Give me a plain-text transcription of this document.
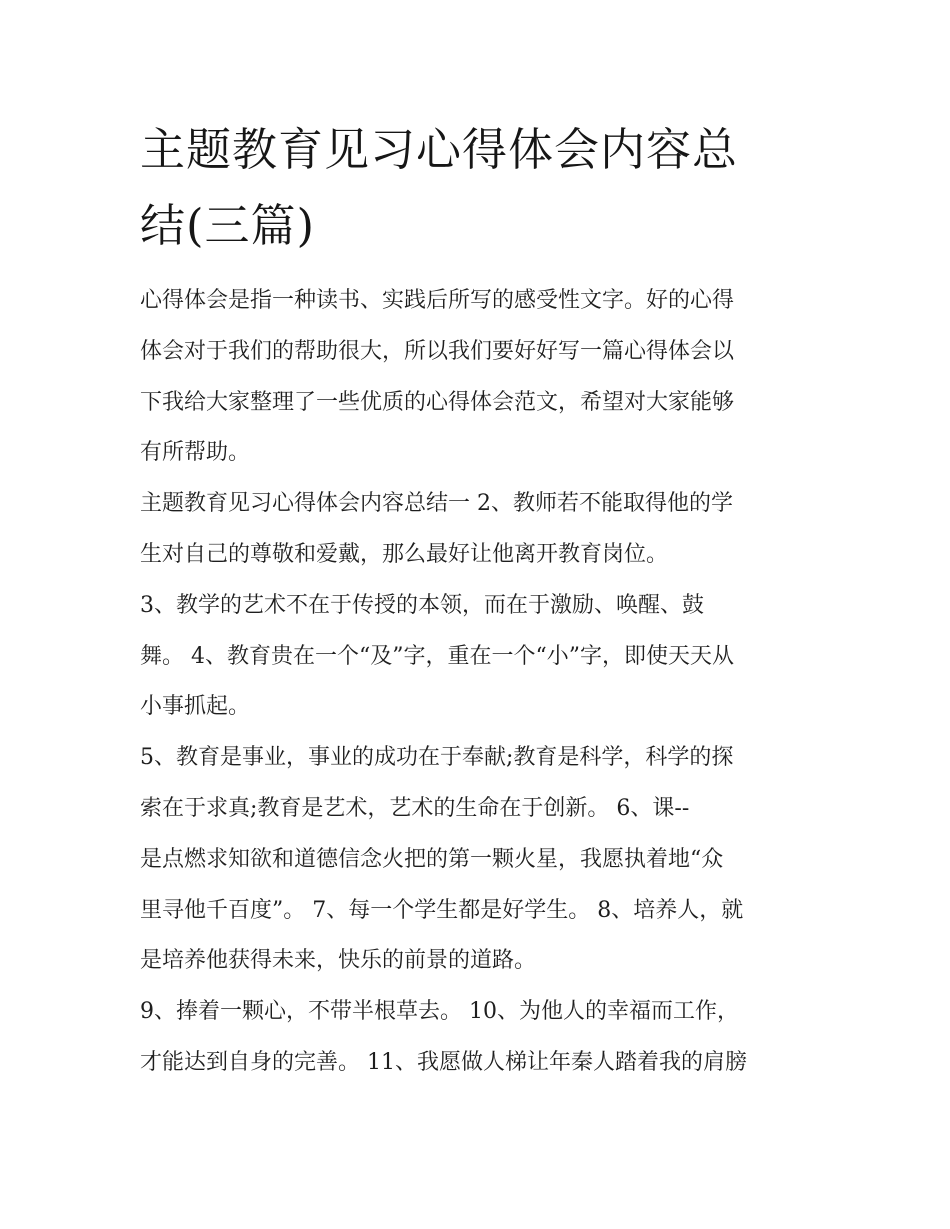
主题教育见习心得体会内容总
结(三篇)
心得体会是指一种读书、实践后所写的感受性文字。好的心得
体会对于我们的帮助很大，所以我们要好好写一篇心得体会以
下我给大家整理了一些优质的心得体会范文，希望对大家能够
有所帮助。
主题教育见习心得体会内容总结一 2、教师若不能取得他的学
生对自己的尊敬和爱戴，那么最好让他离开教育岗位。
3、教学的艺术不在于传授的本领，而在于激励、唤醒、鼓
舞。 4、教育贵在一个“及”字，重在一个“小”字，即使天天从
小事抓起。
5、教育是事业，事业的成功在于奉献;教育是科学，科学的探
索在于求真;教育是艺术，艺术的生命在于创新。 6、课--
是点燃求知欲和道德信念火把的第一颗火星，我愿执着地“众
里寻他千百度”。 7、每一个学生都是好学生。 8、培养人，就
是培养他获得未来，快乐的前景的道路。
9、捧着一颗心，不带半根草去。 10、为他人的幸福而工作，
才能达到自身的完善。 11、我愿做人梯让年秦人踏着我的肩膀
